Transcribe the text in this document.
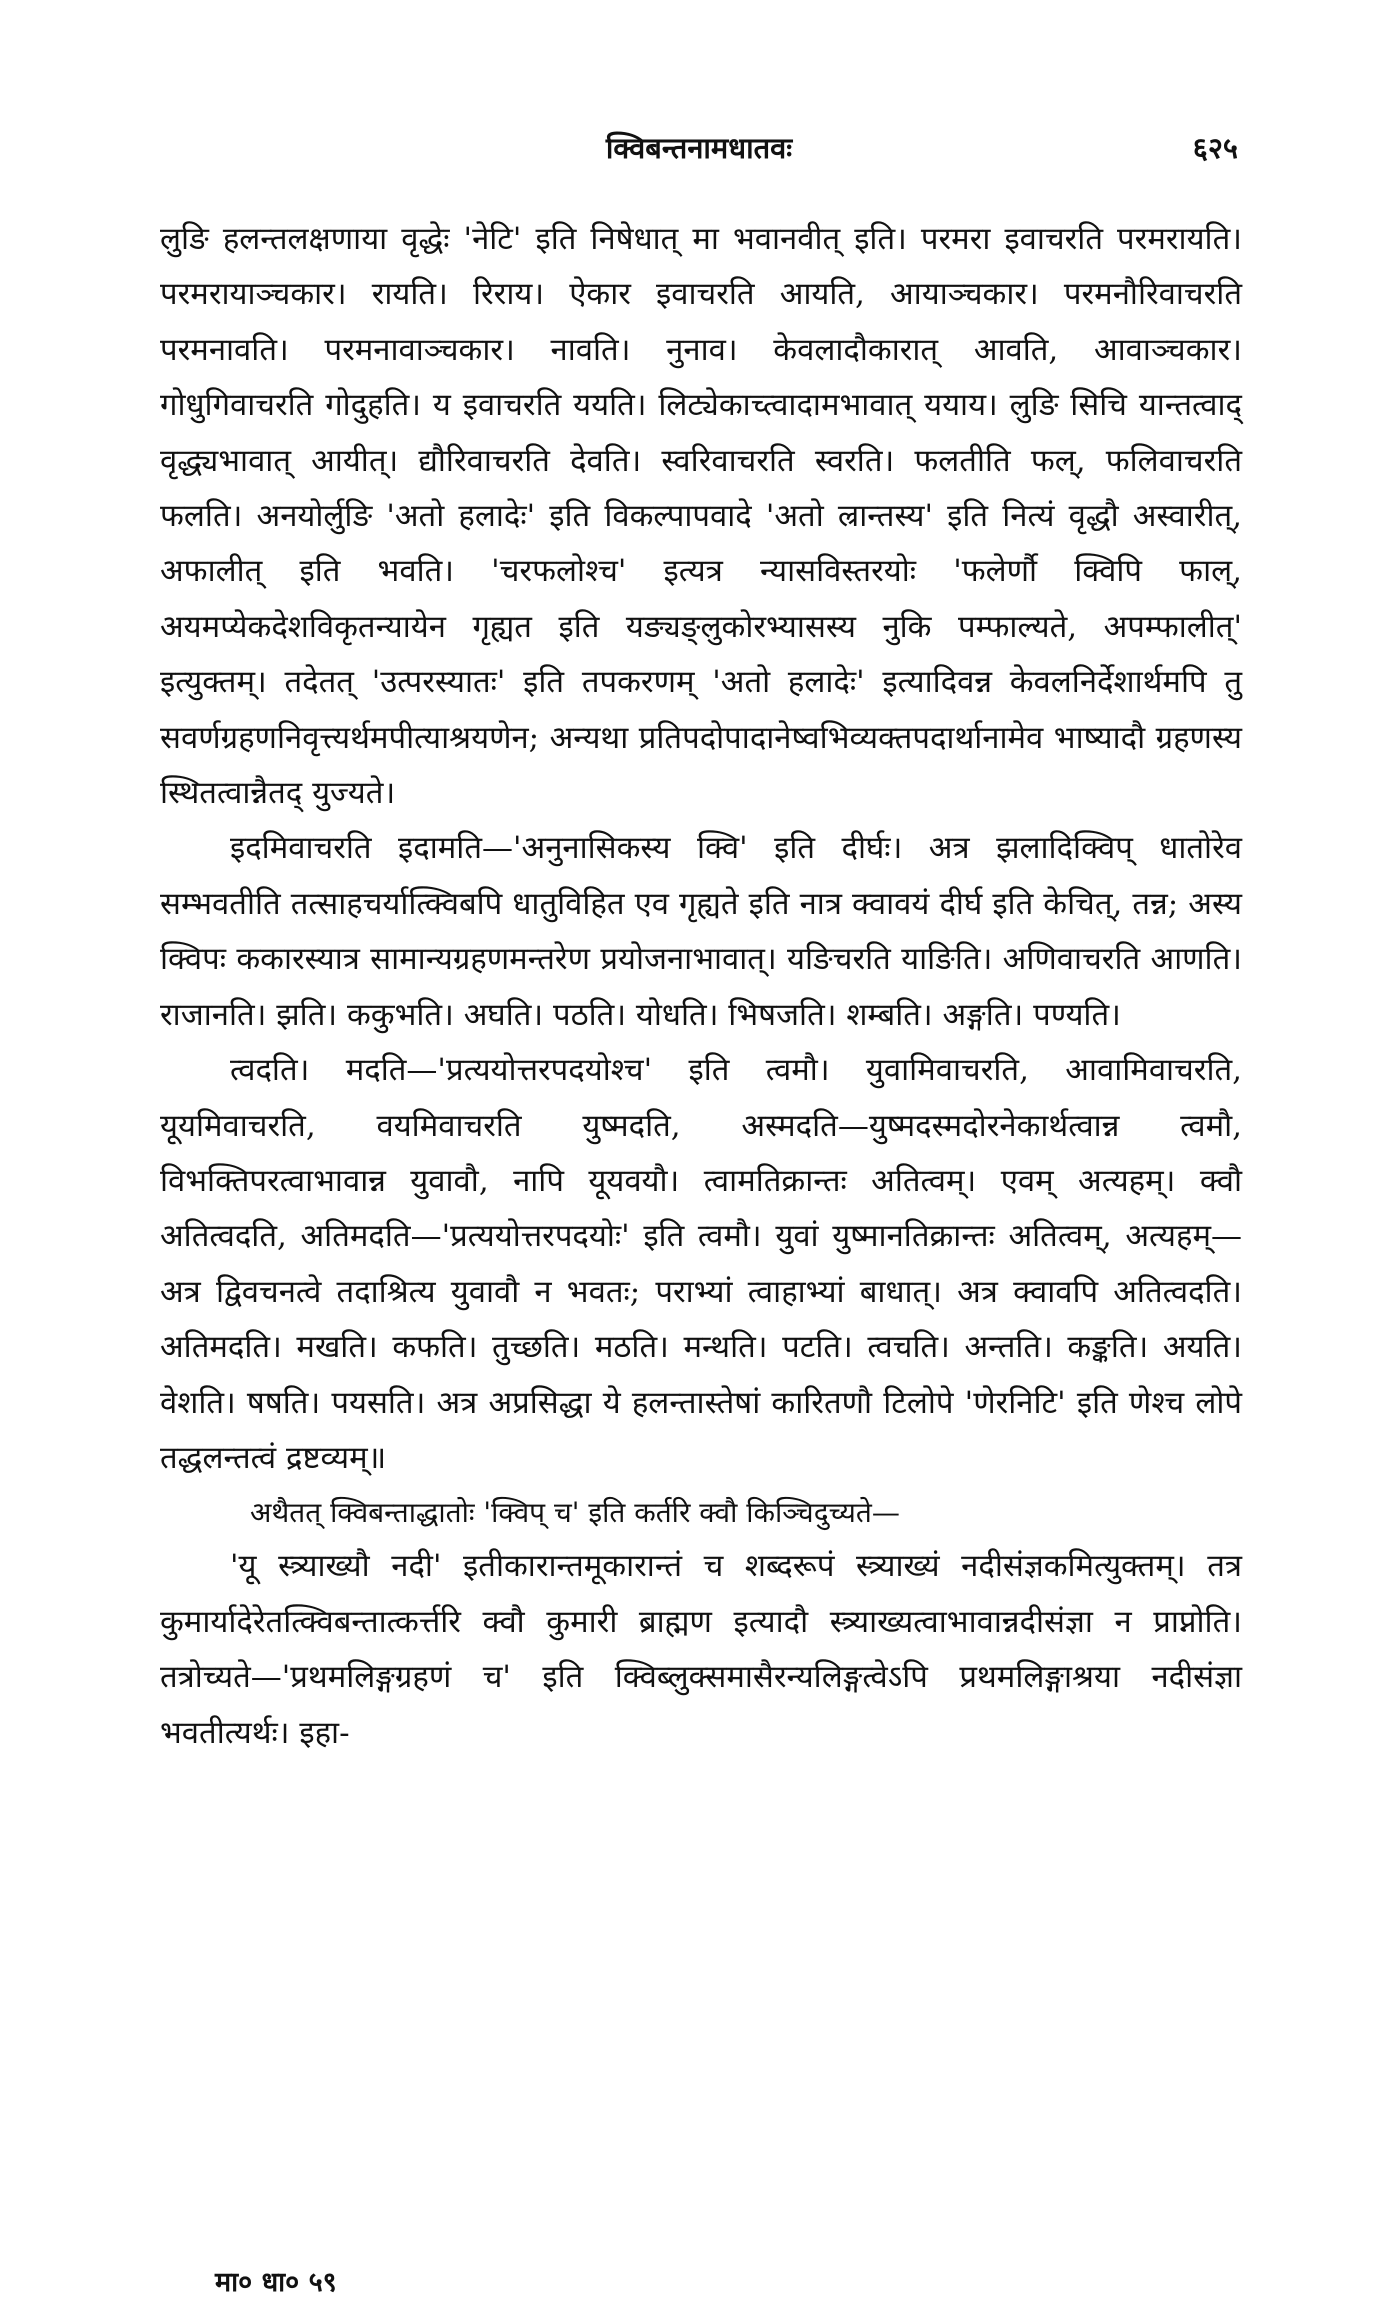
क्विबन्तनामधातवः	६२५

लुङि हलन्तलक्षणाया वृद्धेः 'नेटि' इति निषेधात् मा भवानवीत् इति। परमरा इवाचरति परमरायति। परमरायाञ्चकार। रायति। रिराय। ऐकार इवाचरति आयति, आयाञ्चकार। परमनौरिवाचरति परमनावति। परमनावाञ्चकार। नावति। नुनाव। केवलादौकारात् आवति, आवाञ्चकार। गोधुगिवाचरति गोदुहति। य इवाचरति ययति। लिट्येकाच्त्वादामभावात् ययाय। लुङि सिचि यान्तत्वाद् वृद्ध्यभावात् आयीत्। द्यौरिवाचरति देवति। स्वरिवाचरति स्वरति। फलतीति फल्, फलिवाचरति फलति। अनयोर्लुङि 'अतो हलादेः' इति विकल्पापवादे 'अतो ल्रान्तस्य' इति नित्यं वृद्धौ अस्वारीत्, अफालीत् इति भवति। 'चरफलोश्च' इत्यत्र न्यासविस्तरयोः 'फलेर्णौ क्विपि फाल्, अयमप्येकदेशविकृतन्यायेन गृह्यत इति यङ्यङ्लुकोरभ्यासस्य नुकि पम्फाल्यते, अपम्फालीत्' इत्युक्तम्। तदेतत् 'उत्परस्यातः' इति तपकरणम् 'अतो हलादेः' इत्यादिवन्न केवलनिर्देशार्थमपि तु सवर्णग्रहणनिवृत्त्यर्थमपीत्याश्रयणेन; अन्यथा प्रतिपदोपादानेष्वभिव्यक्तपदार्थानामेव भाष्यादौ ग्रहणस्य स्थितत्वान्नैतद् युज्यते।

इदमिवाचरति इदामति—'अनुनासिकस्य क्वि' इति दीर्घः। अत्र झलादिक्विप् धातोरेव सम्भवतीति तत्साहचर्यात्क्विबपि धातुविहित एव गृह्यते इति नात्र क्वावयं दीर्घ इति केचित्, तन्न; अस्य क्विपः ककारस्यात्र सामान्यग्रहणमन्तरेण प्रयोजनाभावात्। यङिचरति याङिति। अणिवाचरति आणति। राजानति। झति। ककुभति। अघति। पठति। योधति। भिषजति। शम्बति। अङ्गति। पण्यति।

त्वदति। मदति—'प्रत्ययोत्तरपदयोश्च' इति त्वमौ। युवामिवाचरति, आवामिवाचरति, यूयमिवाचरति, वयमिवाचरति युष्मदति, अस्मदति—युष्मदस्मदोरनेकार्थत्वान्न त्वमौ, विभक्तिपरत्वाभावान्न युवावौ, नापि यूयवयौ। त्वामतिक्रान्तः अतित्वम्। एवम् अत्यहम्। क्वौ अतित्वदति, अतिमदति—'प्रत्ययोत्तरपदयोः' इति त्वमौ। युवां युष्मानतिक्रान्तः अतित्वम्, अत्यहम्—अत्र द्विवचनत्वे तदाश्रित्य युवावौ न भवतः; पराभ्यां त्वाहाभ्यां बाधात्। अत्र क्वावपि अतित्वदति। अतिमदति। मखति। कफति। तुच्छति। मठति। मन्थति। पटति। त्वचति। अन्तति। कङ्कति। अयति। वेशति। षषति। पयसति। अत्र अप्रसिद्धा ये हलन्तास्तेषां कारितणौ टिलोपे 'णेरनिटि' इति णेश्च लोपे तद्धलन्तत्वं द्रष्टव्यम्॥

अथैतत् क्विबन्ताद्धातोः 'क्विप् च' इति कर्तरि क्वौ किञ्चिदुच्यते—

'यू स्त्र्याख्यौ नदी' इतीकारान्तमूकारान्तं च शब्दरूपं स्त्र्याख्यं नदीसंज्ञकमित्युक्तम्। तत्र कुमार्यादेरेतत्क्विबन्तात्कर्त्तरि क्वौ कुमारी ब्राह्मण इत्यादौ स्त्र्याख्यत्वाभावान्नदीसंज्ञा न प्राप्नोति। तत्रोच्यते—'प्रथमलिङ्गग्रहणं च' इति क्विब्लुक्समासैरन्यलिङ्गत्वेऽपि प्रथमलिङ्गाश्रया नदीसंज्ञा भवतीत्यर्थः। इहा-

मा० धा० ५९
